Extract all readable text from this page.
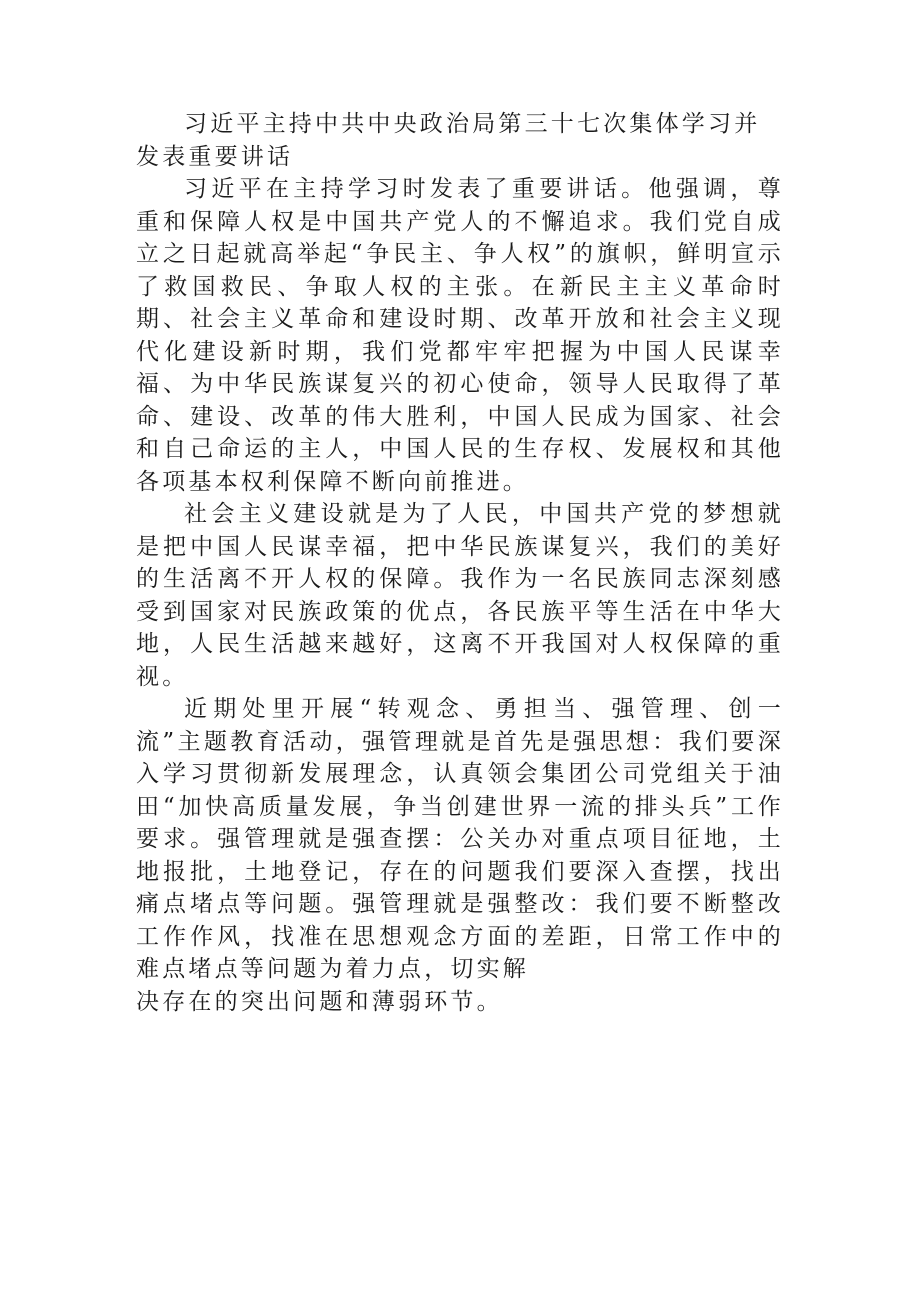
习近平主持中共中央政治局第三十七次集体学习并发表重要讲话

习近平在主持学习时发表了重要讲话。他强调，尊重和保障人权是中国共产党人的不懈追求。我们党自成立之日起就高举起“争民主、争人权”的旗帜，鲜明宣示了救国救民、争取人权的主张。在新民主主义革命时期、社会主义革命和建设时期、改革开放和社会主义现代化建设新时期，我们党都牢牢把握为中国人民谋幸福、为中华民族谋复兴的初心使命，领导人民取得了革命、建设、改革的伟大胜利，中国人民成为国家、社会和自己命运的主人，中国人民的生存权、发展权和其他各项基本权利保障不断向前推进。

社会主义建设就是为了人民，中国共产党的梦想就是把中国人民谋幸福，把中华民族谋复兴，我们的美好的生活离不开人权的保障。我作为一名民族同志深刻感受到国家对民族政策的优点，各民族平等生活在中华大地，人民生活越来越好，这离不开我国对人权保障的重视。

近期处里开展“转观念、勇担当、强管理、创一流”主题教育活动，强管理就是首先是强思想：我们要深入学习贯彻新发展理念，认真领会集团公司党组关于油田“加快高质量发展，争当创建世界一流的排头兵”工作要求。强管理就是强查摆：公关办对重点项目征地，土地报批，土地登记，存在的问题我们要深入查摆，找出痛点堵点等问题。强管理就是强整改：我们要不断整改工作作风，找准在思想观念方面的差距，日常工作中的难点堵点等问题为着力点，切实解

决存在的突出问题和薄弱环节。
